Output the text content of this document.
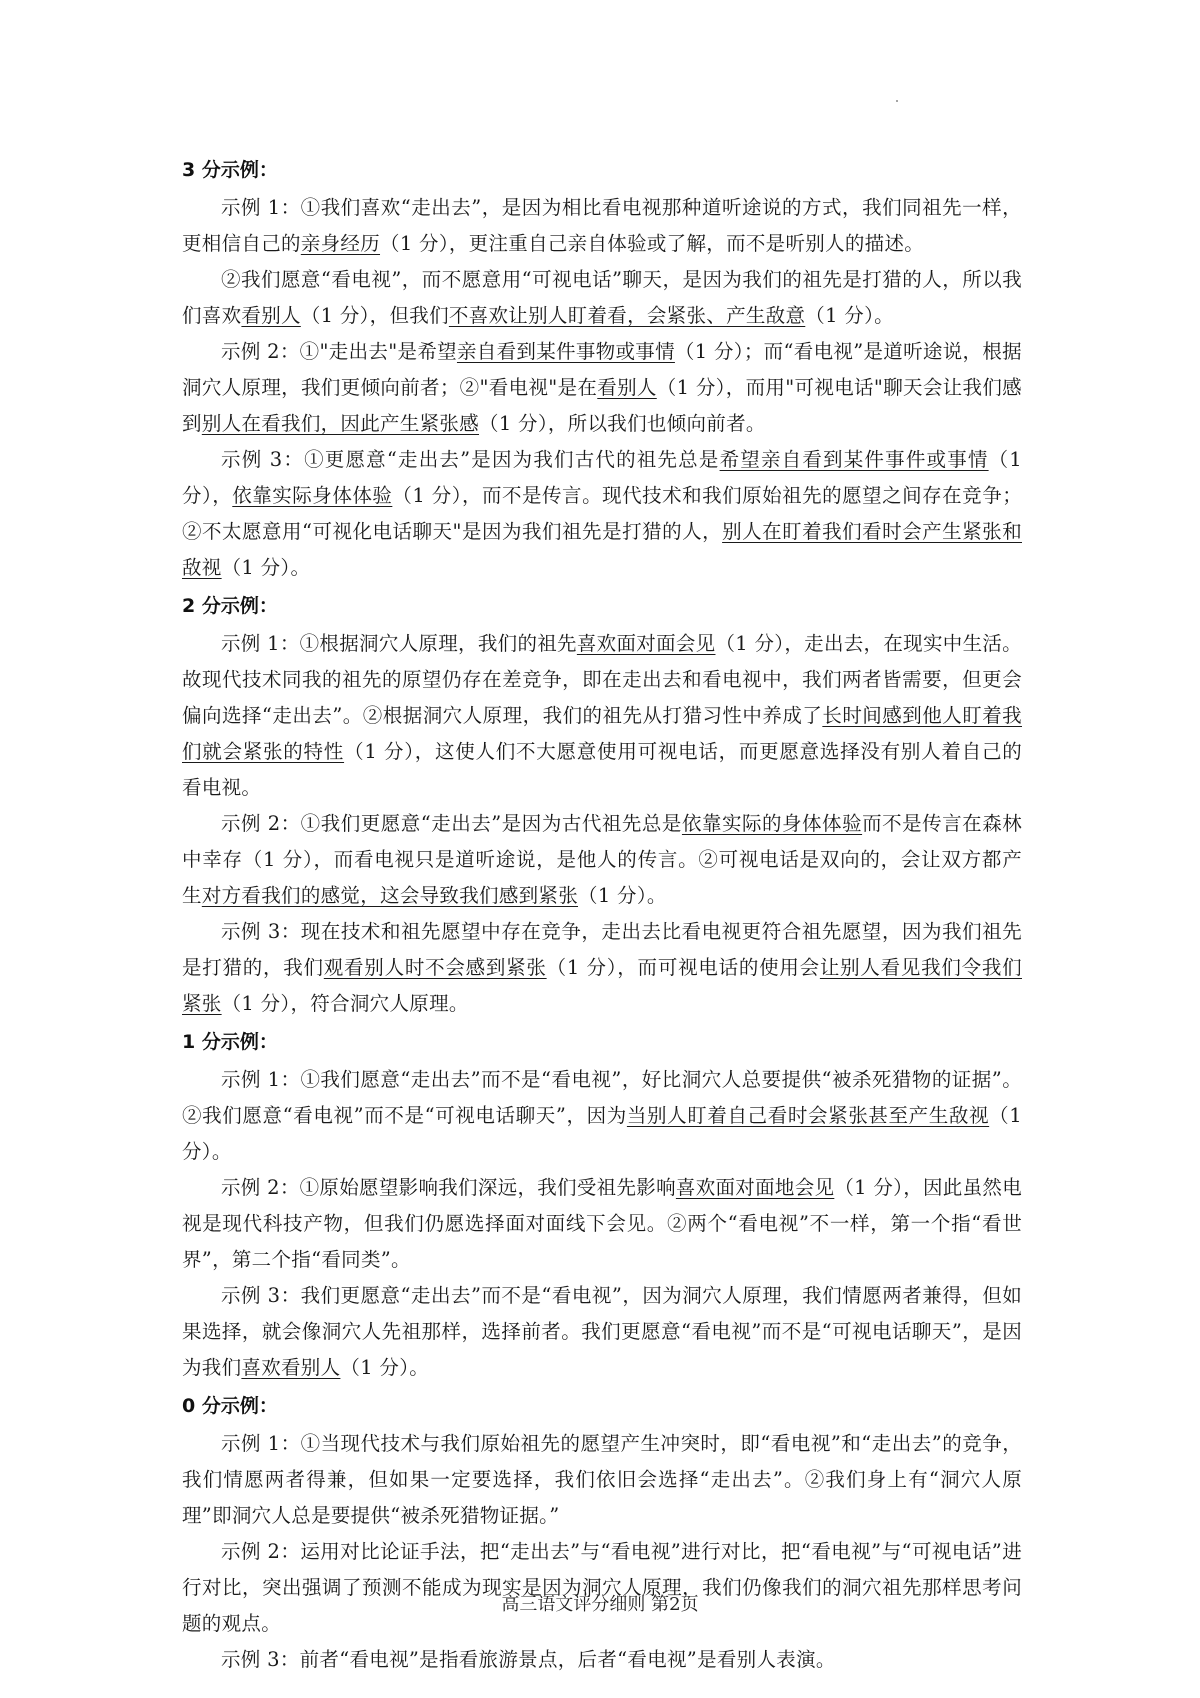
3 分示例：

示例 1：①我们喜欢“走出去”，是因为相比看电视那种道听途说的方式，我们同祖先一样，更相信自己的亲身经历（1 分），更注重自己亲自体验或了解，而不是听别人的描述。

②我们愿意“看电视”，而不愿意用“可视电话”聊天，是因为我们的祖先是打猎的人，所以我们喜欢看别人（1 分），但我们不喜欢让别人盯着看，会紧张、产生敌意（1 分）。

示例 2：①"走出去"是希望亲自看到某件事物或事情（1 分）；而“看电视”是道听途说，根据洞穴人原理，我们更倾向前者；②"看电视"是在看别人（1 分），而用"可视电话"聊天会让我们感到别人在看我们，因此产生紧张感（1 分），所以我们也倾向前者。

示例 3：①更愿意“走出去”是因为我们古代的祖先总是希望亲自看到某件事件或事情（1 分），依靠实际身体体验（1 分），而不是传言。现代技术和我们原始祖先的愿望之间存在竞争；②不太愿意用“可视化电话聊天"是因为我们祖先是打猎的人，别人在盯着我们看时会产生紧张和敌视（1 分）。

2 分示例：

示例 1：①根据洞穴人原理，我们的祖先喜欢面对面会见（1 分），走出去，在现实中生活。故现代技术同我的祖先的原望仍存在差竞争，即在走出去和看电视中，我们两者皆需要，但更会偏向选择“走出去”。②根据洞穴人原理，我们的祖先从打猎习性中养成了长时间感到他人盯着我们就会紧张的特性（1 分），这使人们不大愿意使用可视电话，而更愿意选择没有别人着自己的看电视。

示例 2：①我们更愿意“走出去”是因为古代祖先总是依靠实际的身体体验而不是传言在森林中幸存（1 分），而看电视只是道听途说，是他人的传言。②可视电话是双向的，会让双方都产生对方看我们的感觉，这会导致我们感到紧张（1 分）。

示例 3：现在技术和祖先愿望中存在竞争，走出去比看电视更符合祖先愿望，因为我们祖先是打猎的，我们观看别人时不会感到紧张（1 分），而可视电话的使用会让别人看见我们令我们紧张（1 分），符合洞穴人原理。

1 分示例：

示例 1：①我们愿意“走出去”而不是“看电视”，好比洞穴人总要提供“被杀死猎物的证据”。②我们愿意“看电视”而不是“可视电话聊天”，因为当别人盯着自己看时会紧张甚至产生敌视（1 分）。

示例 2：①原始愿望影响我们深远，我们受祖先影响喜欢面对面地会见（1 分），因此虽然电视是现代科技产物，但我们仍愿选择面对面线下会见。②两个“看电视”不一样，第一个指“看世界”，第二个指“看同类”。

示例 3：我们更愿意“走出去”而不是“看电视”，因为洞穴人原理，我们情愿两者兼得，但如果选择，就会像洞穴人先祖那样，选择前者。我们更愿意“看电视”而不是“可视电话聊天”，是因为我们喜欢看别人（1 分）。

0 分示例：

示例 1：①当现代技术与我们原始祖先的愿望产生冲突时，即“看电视”和“走出去”的竞争，我们情愿两者得兼，但如果一定要选择，我们依旧会选择“走出去”。②我们身上有“洞穴人原理”即洞穴人总是要提供“被杀死猎物证据。”

示例 2：运用对比论证手法，把“走出去”与“看电视”进行对比，把“看电视”与“可视电话”进行对比，突出强调了预测不能成为现实是因为洞穴人原理，我们仍像我们的洞穴祖先那样思考问题的观点。

示例 3：前者“看电视”是指看旅游景点，后者“看电视”是看别人表演。

高三语文评分细则 第2页
